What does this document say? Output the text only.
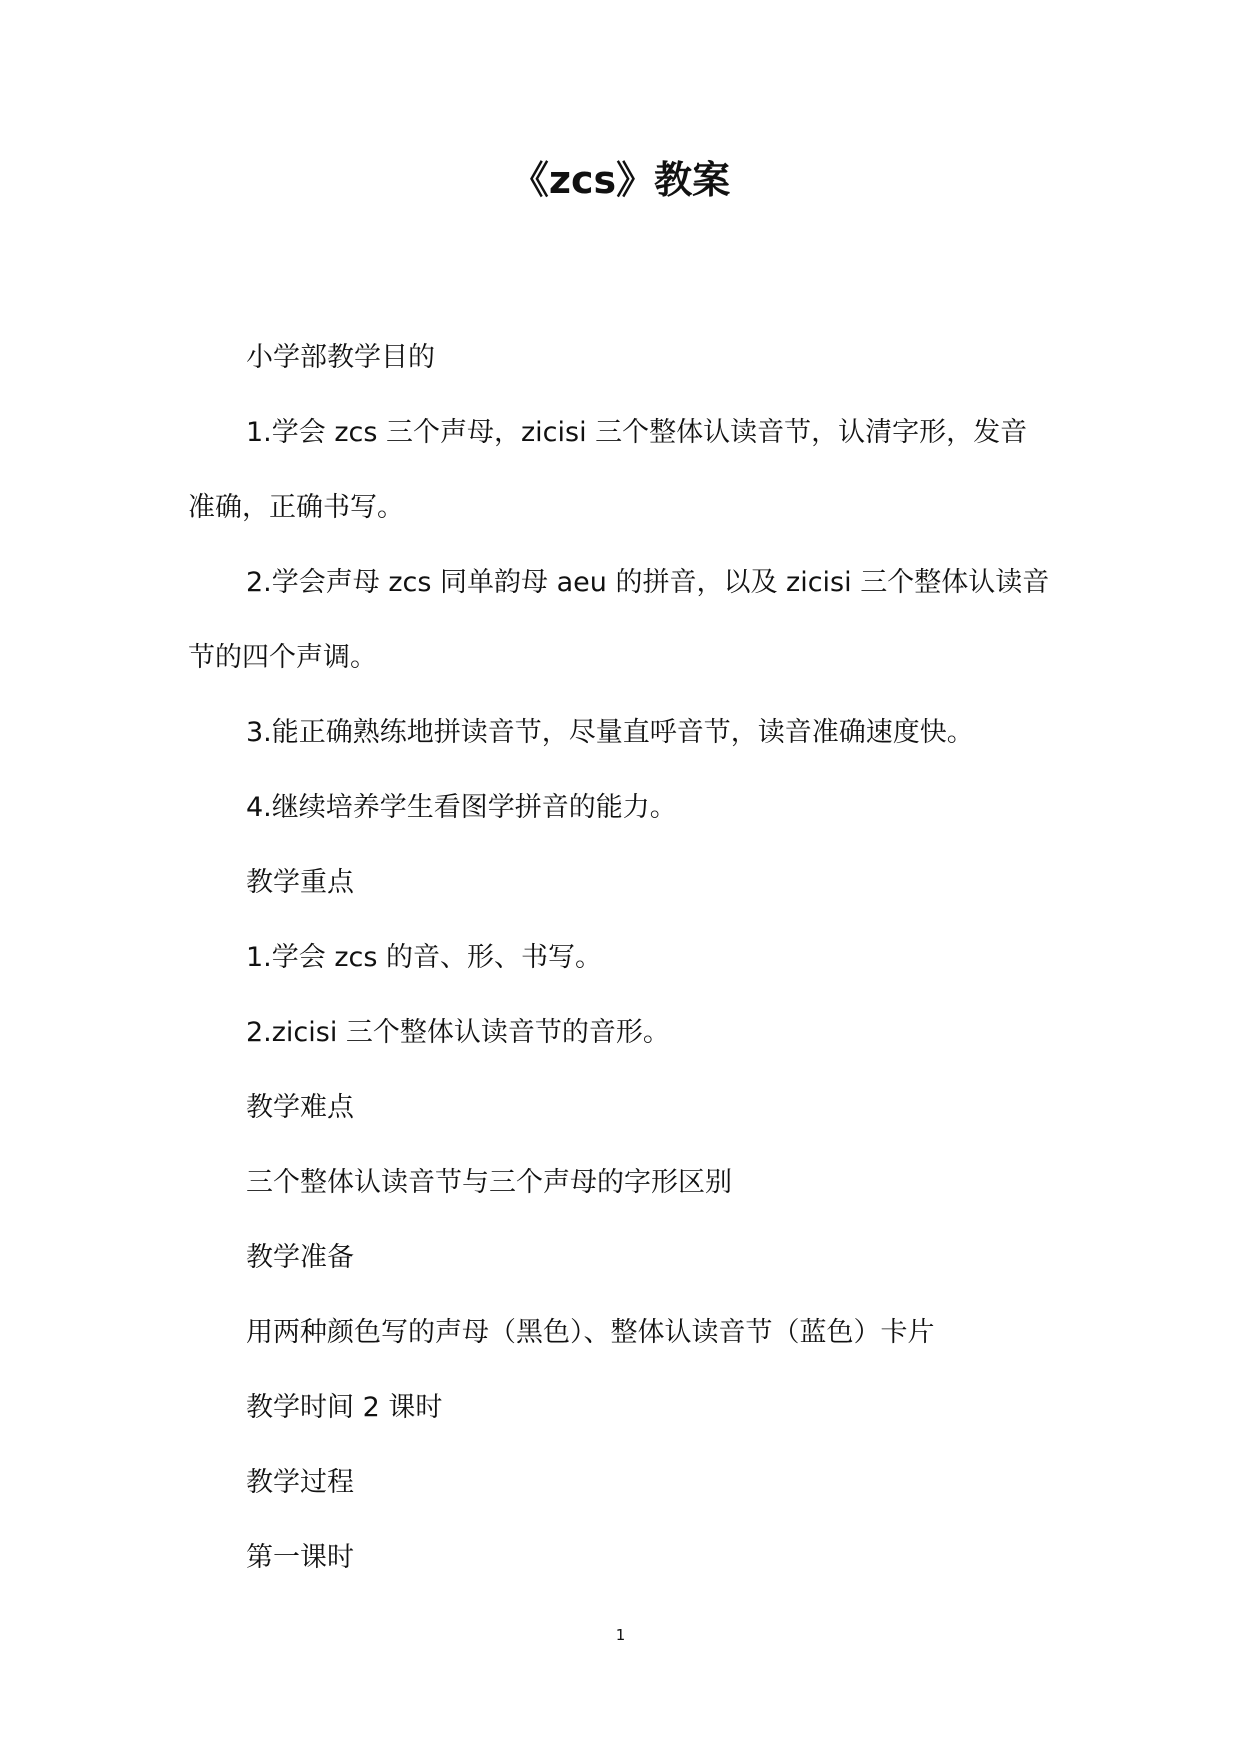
《zcs》教案

小学部教学目的

1.学会 zcs 三个声母，zicisi 三个整体认读音节，认清字形，发音准确，正确书写。

2.学会声母 zcs 同单韵母 aeu 的拼音，以及 zicisi 三个整体认读音节的四个声调。

3.能正确熟练地拼读音节，尽量直呼音节，读音准确速度快。

4.继续培养学生看图学拼音的能力。

教学重点

1.学会 zcs 的音、形、书写。

2.zicisi 三个整体认读音节的音形。

教学难点

三个整体认读音节与三个声母的字形区别

教学准备

用两种颜色写的声母（黑色）、整体认读音节（蓝色）卡片

教学时间 2 课时

教学过程

第一课时

1
